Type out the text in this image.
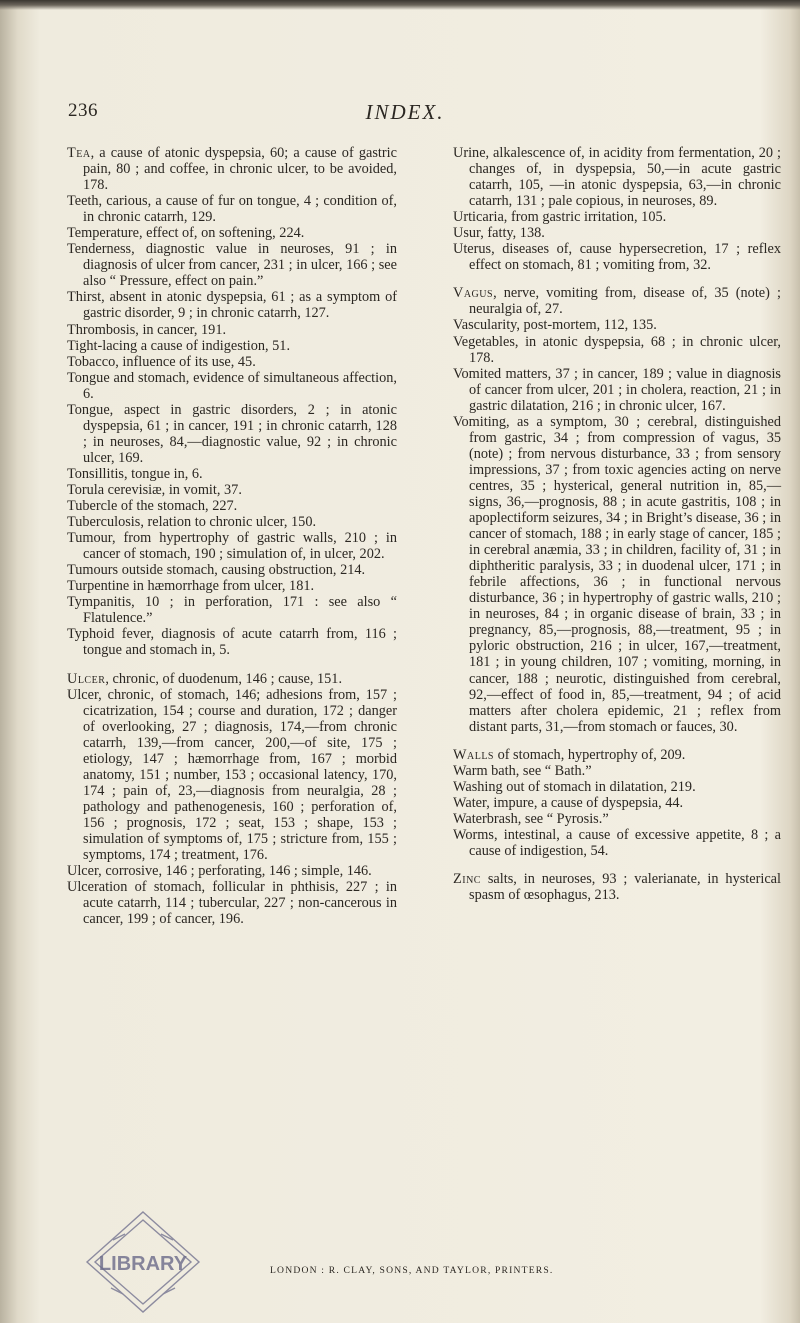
236	INDEX.

Tea, a cause of atonic dyspepsia, 60; a cause of gastric pain, 80 ; and coffee, in chronic ulcer, to be avoided, 178.

Teeth, carious, a cause of fur on tongue, 4 ; condition of, in chronic catarrh, 129.

Temperature, effect of, on softening, 224.

Tenderness, diagnostic value in neuroses, 91 ; in diagnosis of ulcer from cancer, 231 ; in ulcer, 166 ; see also “ Pressure, effect on pain.”

Thirst, absent in atonic dyspepsia, 61 ; as a symptom of gastric disorder, 9 ; in chronic catarrh, 127.

Thrombosis, in cancer, 191.

Tight-lacing a cause of indigestion, 51.

Tobacco, influence of its use, 45.

Tongue and stomach, evidence of simultaneous affection, 6.

Tongue, aspect in gastric disorders, 2 ; in atonic dyspepsia, 61 ; in cancer, 191 ; in chronic catarrh, 128 ; in neuroses, 84,—diagnostic value, 92 ; in chronic ulcer, 169.

Tonsillitis, tongue in, 6.

Torula cerevisiæ, in vomit, 37.

Tubercle of the stomach, 227.

Tuberculosis, relation to chronic ulcer, 150.

Tumour, from hypertrophy of gastric walls, 210 ; in cancer of stomach, 190 ; simulation of, in ulcer, 202.

Tumours outside stomach, causing obstruction, 214.

Turpentine in hæmorrhage from ulcer, 181.

Tympanitis, 10 ; in perforation, 171 : see also “ Flatulence.”

Typhoid fever, diagnosis of acute catarrh from, 116 ; tongue and stomach in, 5.

Ulcer, chronic, of duodenum, 146 ; cause, 151.

Ulcer, chronic, of stomach, 146; adhesions from, 157 ; cicatrization, 154 ; course and duration, 172 ; danger of overlooking, 27 ; diagnosis, 174,—from chronic catarrh, 139,—from cancer, 200,—of site, 175 ; etiology, 147 ; hæmorrhage from, 167 ; morbid anatomy, 151 ; number, 153 ; occasional latency, 170, 174 ; pain of, 23,—diagnosis from neuralgia, 28 ; pathology and pathenogenesis, 160 ; perforation of, 156 ; prognosis, 172 ; seat, 153 ; shape, 153 ; simulation of symptoms of, 175 ; stricture from, 155 ; symptoms, 174 ; treatment, 176.

Ulcer, corrosive, 146 ; perforating, 146 ; simple, 146.

Ulceration of stomach, follicular in phthisis, 227 ; in acute catarrh, 114 ; tubercular, 227 ; non-cancerous in cancer, 199 ; of cancer, 196.

Urine, alkalescence of, in acidity from fermentation, 20 ; changes of, in dyspepsia, 50,—in acute gastric catarrh, 105, —in atonic dyspepsia, 63,—in chronic catarrh, 131 ; pale copious, in neuroses, 89.

Urticaria, from gastric irritation, 105.

Usur, fatty, 138.

Uterus, diseases of, cause hypersecretion, 17 ; reflex effect on stomach, 81 ; vomiting from, 32.

Vagus, nerve, vomiting from, disease of, 35 (note) ; neuralgia of, 27.

Vascularity, post-mortem, 112, 135.

Vegetables, in atonic dyspepsia, 68 ; in chronic ulcer, 178.

Vomited matters, 37 ; in cancer, 189 ; value in diagnosis of cancer from ulcer, 201 ; in cholera, reaction, 21 ; in gastric dilatation, 216 ; in chronic ulcer, 167.

Vomiting, as a symptom, 30 ; cerebral, distinguished from gastric, 34 ; from compression of vagus, 35 (note) ; from nervous disturbance, 33 ; from sensory impressions, 37 ; from toxic agencies acting on nerve centres, 35 ; hysterical, general nutrition in, 85,—signs, 36,—prognosis, 88 ; in acute gastritis, 108 ; in apoplectiform seizures, 34 ; in Bright’s disease, 36 ; in cancer of stomach, 188 ; in early stage of cancer, 185 ; in cerebral anæmia, 33 ; in children, facility of, 31 ; in diphtheritic paralysis, 33 ; in duodenal ulcer, 171 ; in febrile affections, 36 ; in functional nervous disturbance, 36 ; in hypertrophy of gastric walls, 210 ; in neuroses, 84 ; in organic disease of brain, 33 ; in pregnancy, 85,—prognosis, 88,—treatment, 95 ; in pyloric obstruction, 216 ; in ulcer, 167,—treatment, 181 ; in young children, 107 ; vomiting, morning, in cancer, 188 ; neurotic, distinguished from cerebral, 92,—effect of food in, 85,—treatment, 94 ; of acid matters after cholera epidemic, 21 ; reflex from distant parts, 31,—from stomach or fauces, 30.

Walls of stomach, hypertrophy of, 209.

Warm bath, see “ Bath.”

Washing out of stomach in dilatation, 219.

Water, impure, a cause of dyspepsia, 44.

Waterbrash, see “ Pyrosis.”

Worms, intestinal, a cause of excessive appetite, 8 ; a cause of indigestion, 54.

Zinc salts, in neuroses, 93 ; valerianate, in hysterical spasm of œsophagus, 213.

LIBRARY	LONDON : R. CLAY, SONS, AND TAYLOR, PRINTERS.
